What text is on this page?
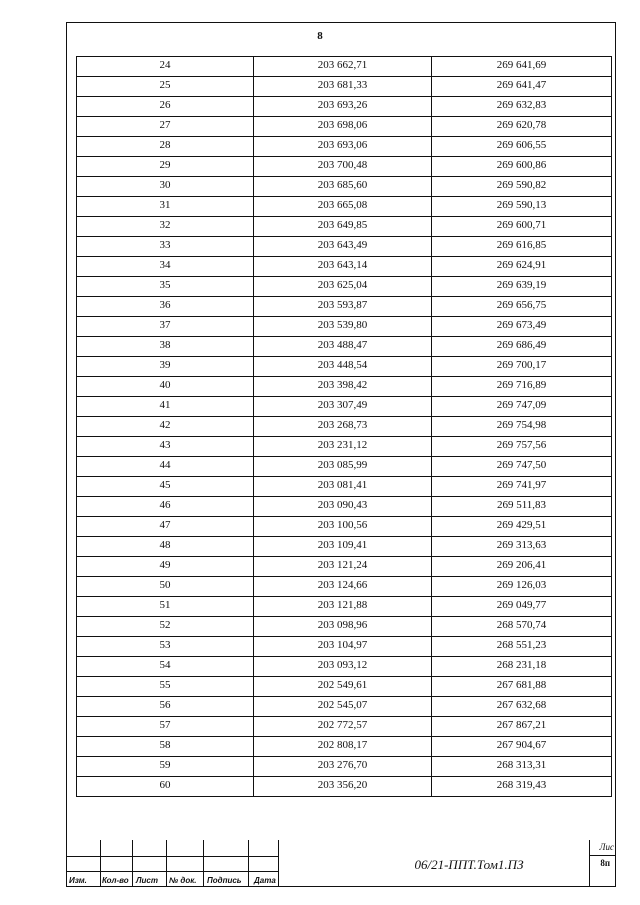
8
24	203 662,71	269 641,69
25	203 681,33	269 641,47
26	203 693,26	269 632,83
27	203 698,06	269 620,78
28	203 693,06	269 606,55
29	203 700,48	269 600,86
30	203 685,60	269 590,82
31	203 665,08	269 590,13
32	203 649,85	269 600,71
33	203 643,49	269 616,85
34	203 643,14	269 624,91
35	203 625,04	269 639,19
36	203 593,87	269 656,75
37	203 539,80	269 673,49
38	203 488,47	269 686,49
39	203 448,54	269 700,17
40	203 398,42	269 716,89
41	203 307,49	269 747,09
42	203 268,73	269 754,98
43	203 231,12	269 757,56
44	203 085,99	269 747,50
45	203 081,41	269 741,97
46	203 090,43	269 511,83
47	203 100,56	269 429,51
48	203 109,41	269 313,63
49	203 121,24	269 206,41
50	203 124,66	269 126,03
51	203 121,88	269 049,77
52	203 098,96	268 570,74
53	203 104,97	268 551,23
54	203 093,12	268 231,18
55	202 549,61	267 681,88
56	202 545,07	267 632,68
57	202 772,57	267 867,21
58	202 808,17	267 904,67
59	203 276,70	268 313,31
60	203 356,20	268 319,43
Изм. Кол-во Лист № док. Подпись Дата
06/21-ППТ.Том1.ПЗ
Лис
8п
